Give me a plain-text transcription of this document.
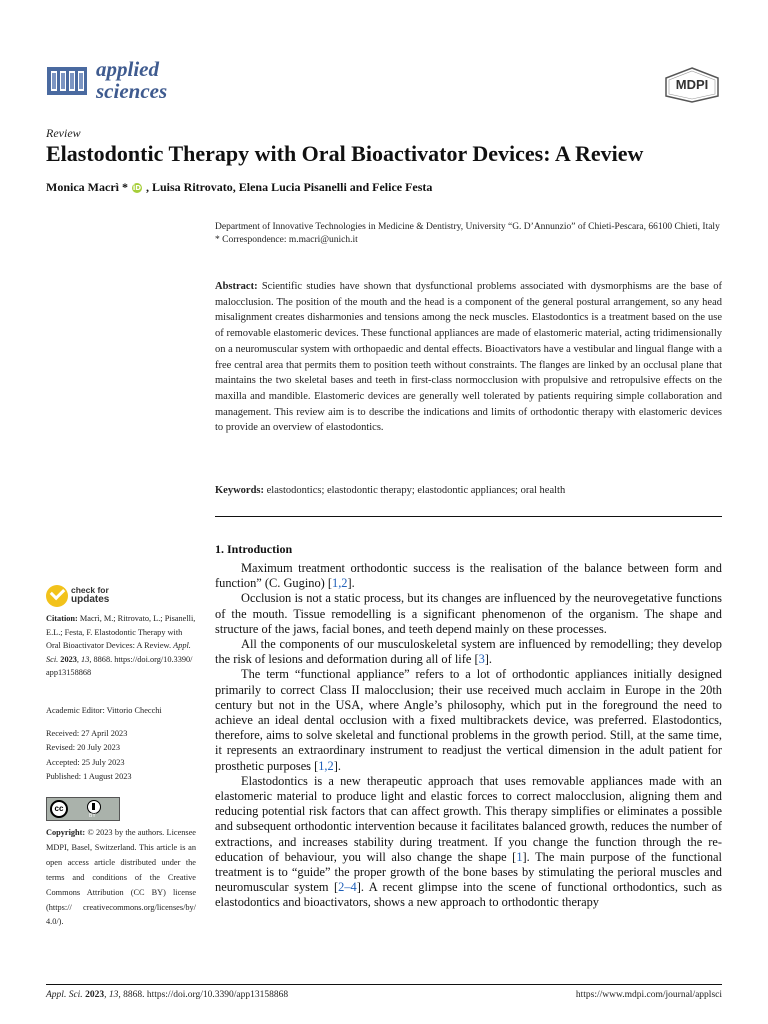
applied
sciences	MDPI
Review
Elastodontic Therapy with Oral Bioactivator Devices: A Review
Monica Macrì * iD , Luisa Ritrovato, Elena Lucia Pisanelli and Felice Festa
Department of Innovative Technologies in Medicine & Dentistry, University “G. D’Annunzio” of Chieti-Pescara, 66100 Chieti, Italy
* Correspondence: m.macri@unich.it
Abstract: Scientific studies have shown that dysfunctional problems associated with dysmorphisms are the base of malocclusion. The position of the mouth and the head is a component of the general postural arrangement, so any head misalignment creates disharmonies and tensions among the neck muscles. Elastodontics is a treatment based on the use of removable elastomeric devices. These functional appliances are made of elastomeric material, acting tridimensionally on a neuromuscular system with orthopaedic and dental effects. Bioactivators have a vestibular and lingual flange with a free central area that permits them to position teeth without constraints. The flanges are linked by an occlusal plane that maintains the two skeletal bases and teeth in first-class normocclusion with propulsive and retropulsive effects on the maxilla and mandible. Elastomeric devices are generally well tolerated by patients requiring simple collaboration and management. This review aim is to describe the indications and limits of orthodontic therapy with elastomeric devices to provide an overview of elastodontics.
Keywords: elastodontics; elastodontic therapy; elastodontic appliances; oral health
1. Introduction

Maximum treatment orthodontic success is the realisation of the balance between form and function” (C. Gugino) [1,2].

Occlusion is not a static process, but its changes are influenced by the neurovegetative functions of the mouth. Tissue remodelling is a significant phenomenon of the organism. The shape and structure of the jaws, facial bones, and teeth depend mainly on these processes.

All the components of our musculoskeletal system are influenced by remodelling; they develop the risk of lesions and deformation during all of life [3].

The term “functional appliance” refers to a lot of orthodontic appliances initially designed primarily to correct Class II malocclusion; their use received much acclaim in Europe in the 20th century but not in the USA, where Angle’s philosophy, which put in the foreground the need to achieve an ideal dental occlusion with a fixed multibrackets device, was preferred. Elastodontics, therefore, aims to solve skeletal and functional problems in the growth period. Still, at the same time, it represents an extraordinary instrument to readjust the vertical dimension in the adult patient for prosthetic purposes [1,2].

Elastodontics is a new therapeutic approach that uses removable appliances made with an elastomeric material to produce light and elastic forces to correct malocclusion, aligning them and reducing potential risk factors that can affect growth. This therapy simplifies or eliminates a possible and subsequent orthodontic intervention because it facilitates balanced growth, reduces the number of extractions, and increases stability during treatment. If you change the function through the re-education of behaviour, you will also change the shape [1]. The main purpose of the functional treatment is to “guide” the proper growth of the bone bases by stimulating the perioral muscles and neuromuscular system [2–4]. A recent glimpse into the scene of functional orthodontics, such as elastodontics and bioactivators, shows a new approach to orthodontic therapy

check for
updates
Citation: Macrì, M.; Ritrovato, L.; Pisanelli, E.L.; Festa, F. Elastodontic Therapy with Oral Bioactivator Devices: A Review. Appl. Sci. 2023, 13, 8868. https://doi.org/10.3390/ app13158868
Academic Editor: Vittorio Checchi
Received: 27 April 2023
Revised: 20 July 2023
Accepted: 25 July 2023
Published: 1 August 2023
cc
BY
Copyright: © 2023 by the authors. Licensee MDPI, Basel, Switzerland. This article is an open access article distributed under the terms and conditions of the Creative Commons Attribution (CC BY) license (https:// creativecommons.org/licenses/by/ 4.0/).
Appl. Sci. 2023, 13, 8868. https://doi.org/10.3390/app13158868	https://www.mdpi.com/journal/applsci
